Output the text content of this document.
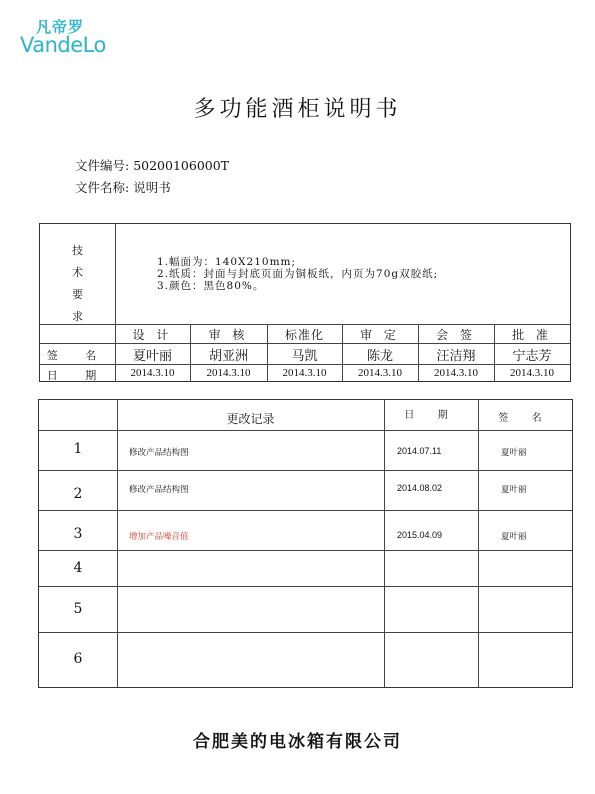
凡帝罗
VandeLo
多功能酒柜说明书
文件编号: 50200106000T
文件名称: 说明书
技
术
要
求
1.幅面为：140X210mm;
2.纸质：封面与封底页面为铜板纸，内页为70g双胶纸;
3.颜色：黑色80%。
设 计	审 核	标准化	审 定	会 签	批 准
签 名	夏叶丽	胡亚洲	马凯	陈龙	汪洁翔	宁志芳
日 期	2014.3.10	2014.3.10	2014.3.10	2014.3.10	2014.3.10	2014.3.10
更改记录	日 期	签 名
1	修改产品结构图	2014.07.11	夏叶丽
2	修改产品结构图	2014.08.02	夏叶丽
3	增加产品噪音值	2015.04.09	夏叶丽
4
5
6
合肥美的电冰箱有限公司
